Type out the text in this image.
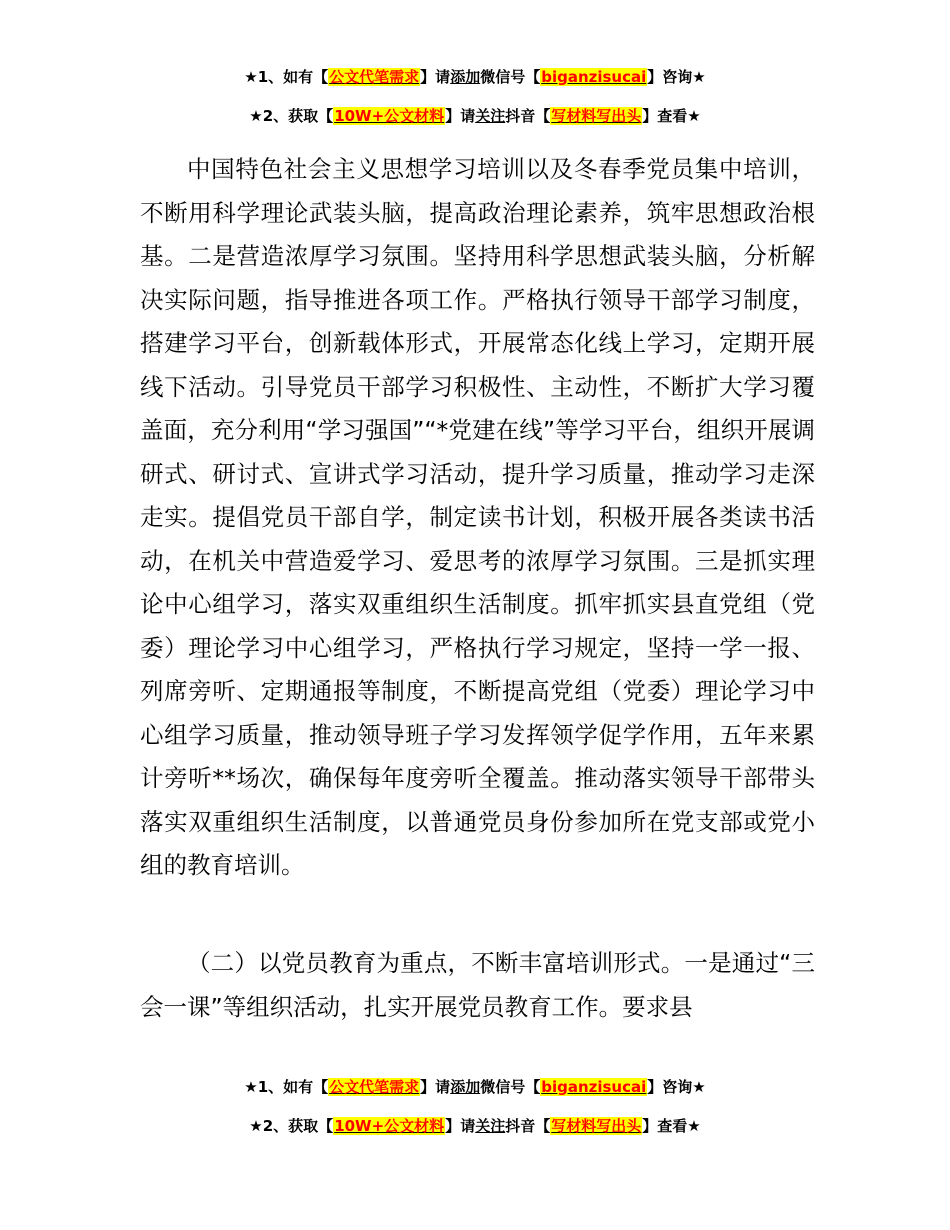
★1、如有【公文代笔需求】请添加微信号【biganzisucai】咨询★
★2、获取【10W+公文材料】请关注抖音【写材料写出头】查看★

中国特色社会主义思想学习培训以及冬春季党员集中培训，不断用科学理论武装头脑，提高政治理论素养，筑牢思想政治根基。二是营造浓厚学习氛围。坚持用科学思想武装头脑，分析解决实际问题，指导推进各项工作。严格执行领导干部学习制度，搭建学习平台，创新载体形式，开展常态化线上学习，定期开展线下活动。引导党员干部学习积极性、主动性，不断扩大学习覆盖面，充分利用“学习强国”“*党建在线”等学习平台，组织开展调研式、研讨式、宣讲式学习活动，提升学习质量，推动学习走深走实。提倡党员干部自学，制定读书计划，积极开展各类读书活动，在机关中营造爱学习、爱思考的浓厚学习氛围。三是抓实理论中心组学习，落实双重组织生活制度。抓牢抓实县直党组（党委）理论学习中心组学习，严格执行学习规定，坚持一学一报、列席旁听、定期通报等制度，不断提高党组（党委）理论学习中心组学习质量，推动领导班子学习发挥领学促学作用，五年来累计旁听**场次，确保每年度旁听全覆盖。推动落实领导干部带头落实双重组织生活制度，以普通党员身份参加所在党支部或党小组的教育培训。

（二）以党员教育为重点，不断丰富培训形式。一是通过“三会一课”等组织活动，扎实开展党员教育工作。要求县

★1、如有【公文代笔需求】请添加微信号【biganzisucai】咨询★
★2、获取【10W+公文材料】请关注抖音【写材料写出头】查看★
